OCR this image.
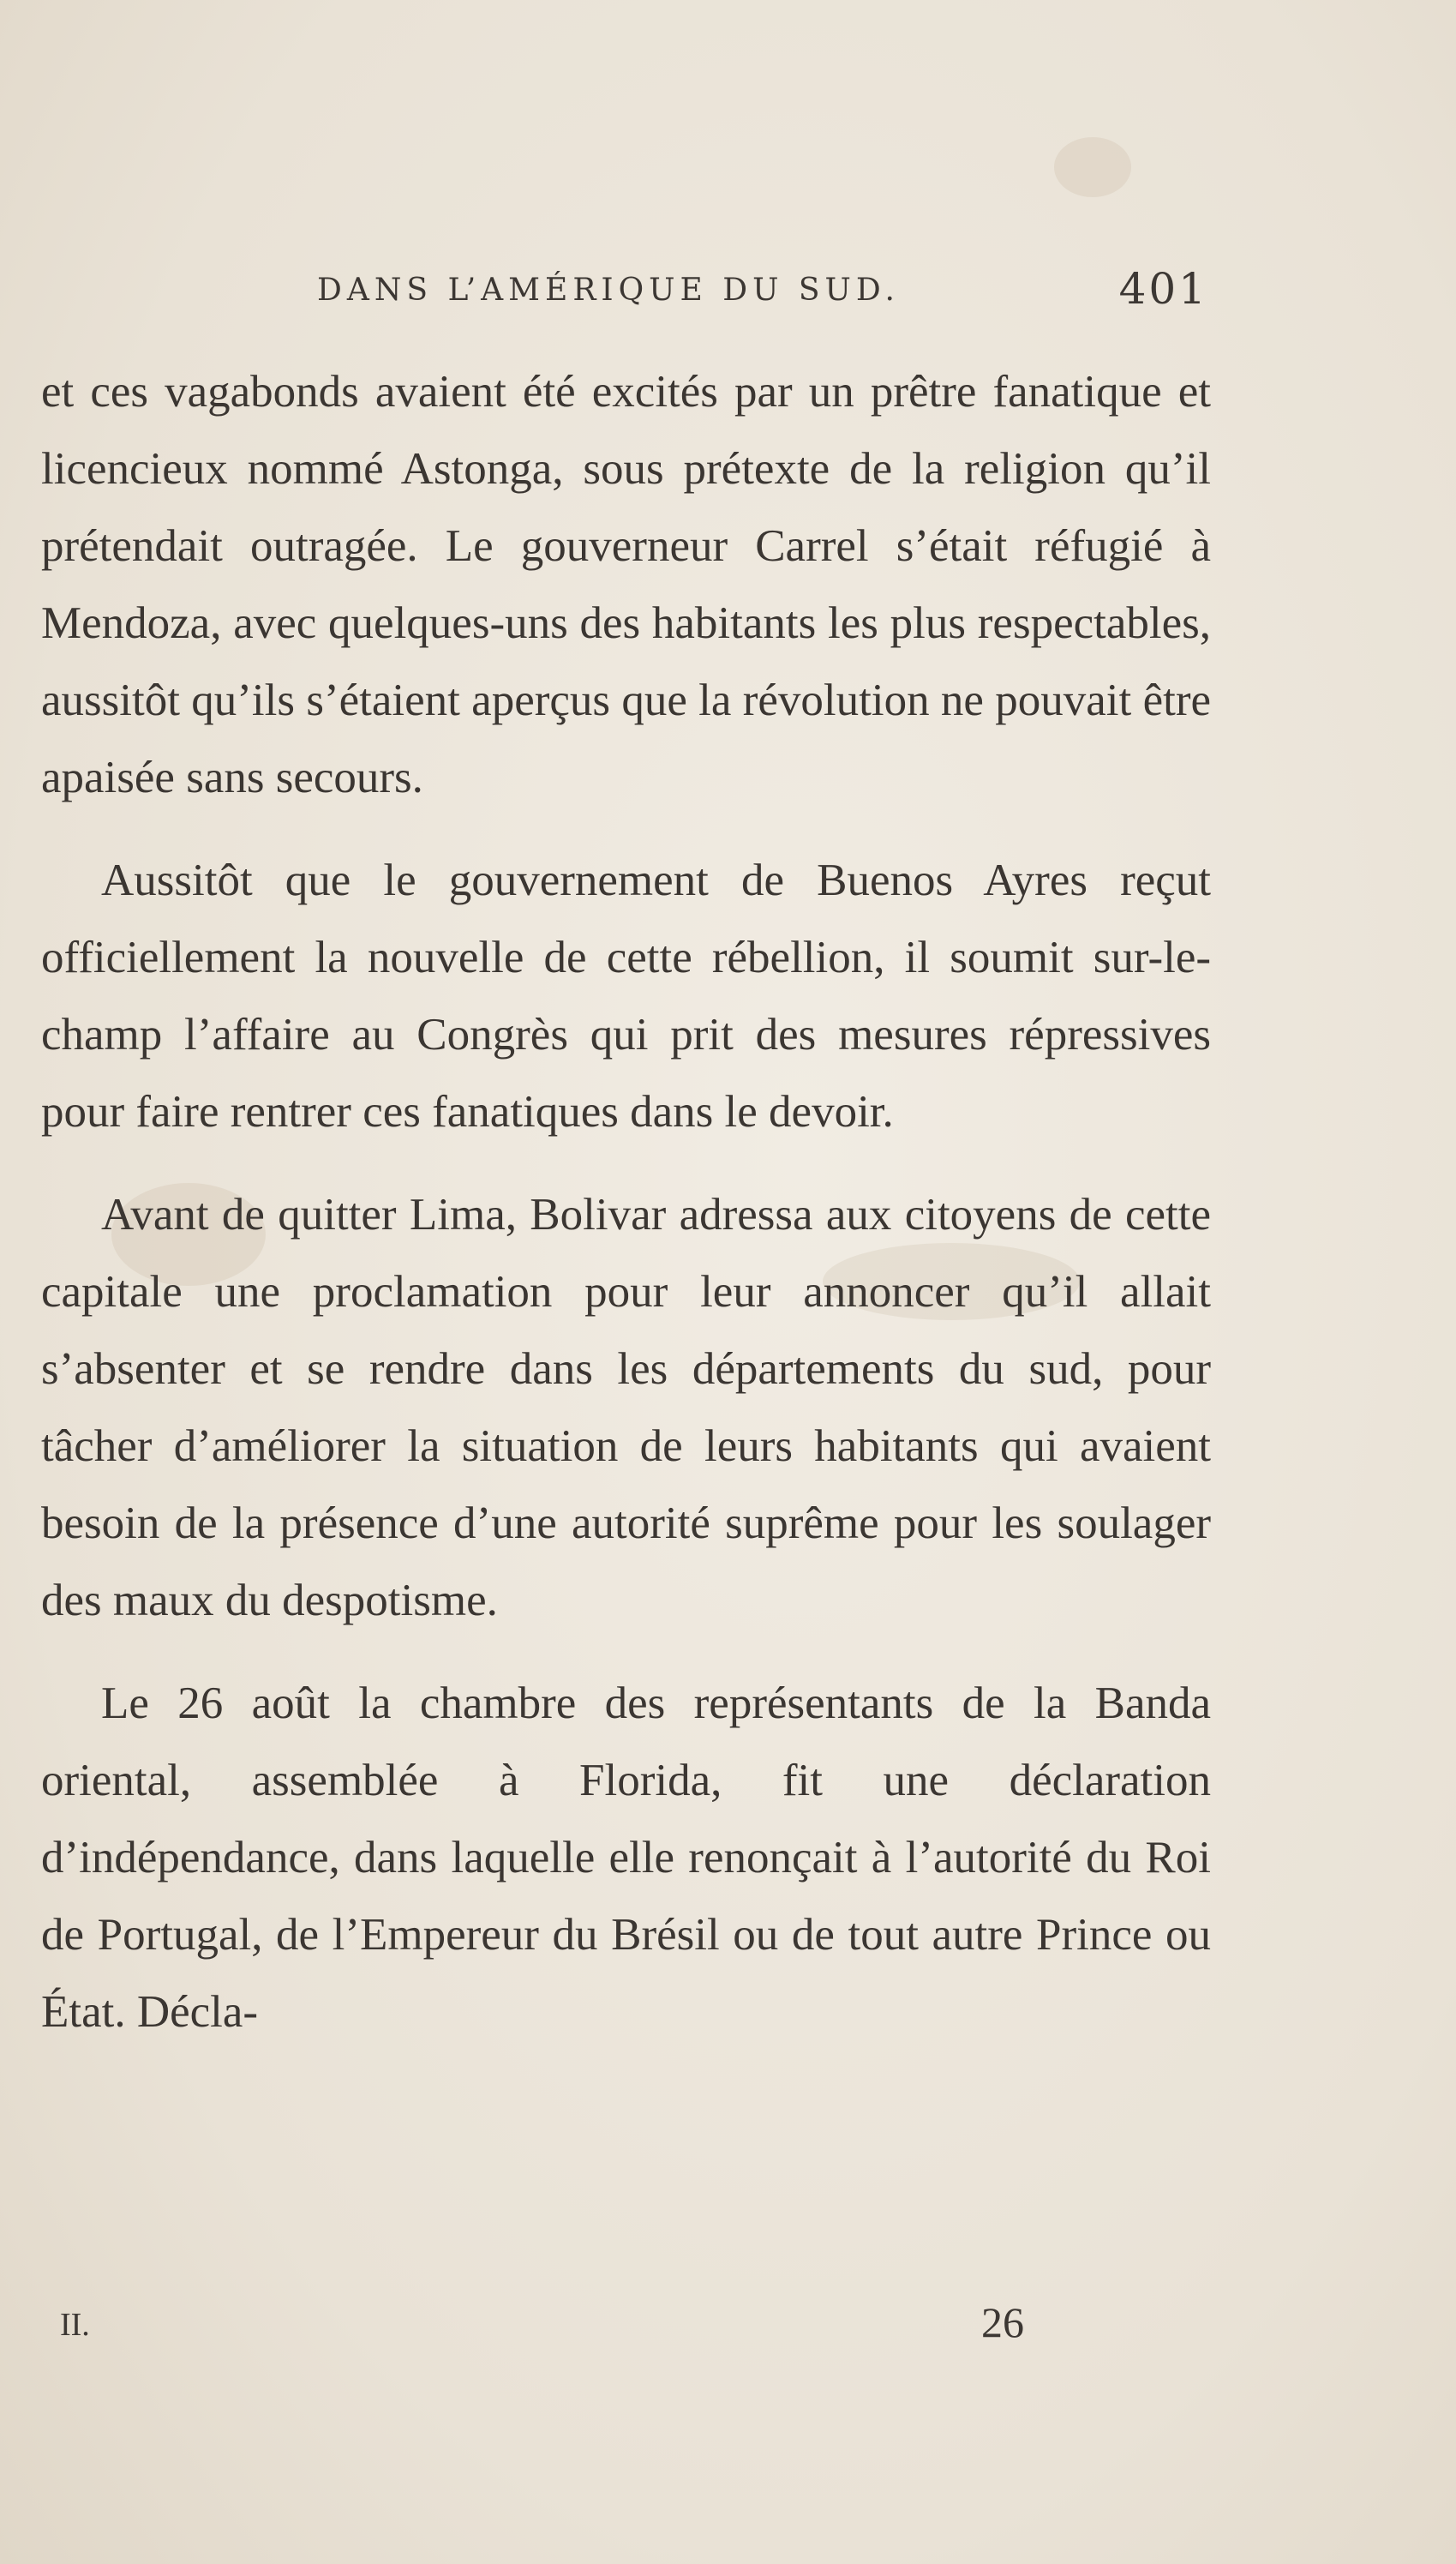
DANS L’AMÉRIQUE DU SUD.	401

et ces vagabonds avaient été excités par un prêtre fanatique et licencieux nommé Astonga, sous prétexte de la religion qu’il prétendait outragée. Le gouverneur Carrel s’était réfugié à Mendoza, avec quelques-uns des habitants les plus respectables, aussitôt qu’ils s’étaient aperçus que la révolution ne pouvait être apaisée sans secours.

Aussitôt que le gouvernement de Buenos Ayres reçut officiellement la nouvelle de cette rébellion, il soumit sur-le-champ l’affaire au Congrès qui prit des mesures répressives pour faire rentrer ces fanatiques dans le devoir.

Avant de quitter Lima, Bolivar adressa aux citoyens de cette capitale une proclamation pour leur annoncer qu’il allait s’absenter et se rendre dans les départements du sud, pour tâcher d’améliorer la situation de leurs habitants qui avaient besoin de la présence d’une autorité suprême pour les soulager des maux du despotisme.

Le 26 août la chambre des représentants de la Banda oriental, assemblée à Florida, fit une déclaration d’indépendance, dans laquelle elle renonçait à l’autorité du Roi de Portugal, de l’Empereur du Brésil ou de tout autre Prince ou État. Décla-

II.	26
